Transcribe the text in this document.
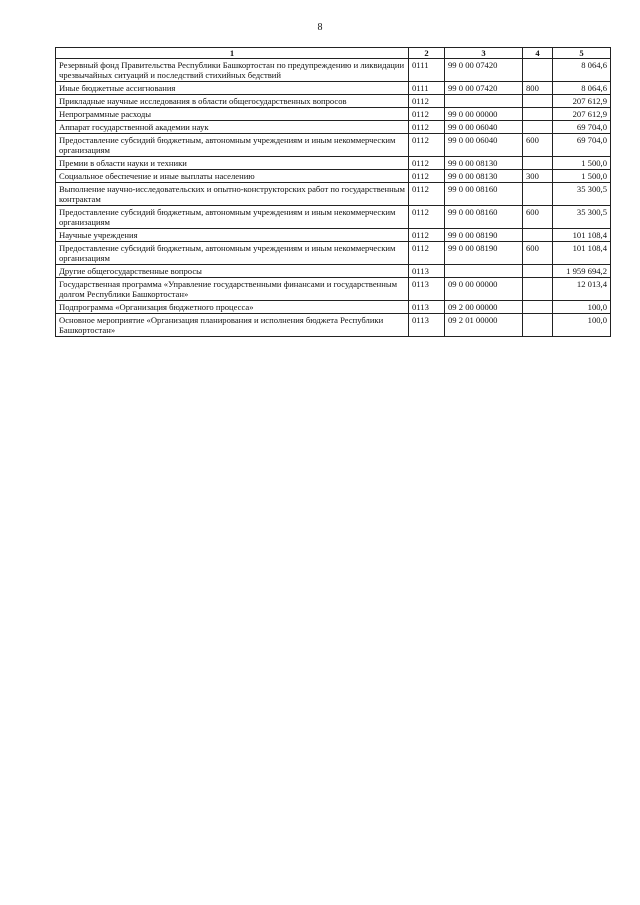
8
1	2	3	4	5
Резервный фонд Правительства Республики Башкортостан по предупреждению и ликвидации чрезвычайных ситуаций и последствий стихийных бедствий	0111	99 0 00 07420		8 064,6
Иные бюджетные ассигнования	0111	99 0 00 07420	800	8 064,6
Прикладные научные исследования в области общегосударственных вопросов	0112			207 612,9
Непрограммные расходы	0112	99 0 00 00000		207 612,9
Аппарат государственной академии наук	0112	99 0 00 06040		69 704,0
Предоставление субсидий бюджетным, автономным учреждениям и иным некоммерческим организациям	0112	99 0 00 06040	600	69 704,0
Премии в области науки и техники	0112	99 0 00 08130		1 500,0
Социальное обеспечение и иные выплаты населению	0112	99 0 00 08130	300	1 500,0
Выполнение научно-исследовательских и опытно-конструкторских работ по государственным контрактам	0112	99 0 00 08160		35 300,5
Предоставление субсидий бюджетным, автономным учреждениям и иным некоммерческим организациям	0112	99 0 00 08160	600	35 300,5
Научные учреждения	0112	99 0 00 08190		101 108,4
Предоставление субсидий бюджетным, автономным учреждениям и иным некоммерческим организациям	0112	99 0 00 08190	600	101 108,4
Другие общегосударственные вопросы	0113			1 959 694,2
Государственная программа «Управление государственными финансами и государственным долгом Республики Башкортостан»	0113	09 0 00 00000		12 013,4
Подпрограмма «Организация бюджетного процесса»	0113	09 2 00 00000		100,0
Основное мероприятие «Организация планирования и исполнения бюджета Республики Башкортостан»	0113	09 2 01 00000		100,0
